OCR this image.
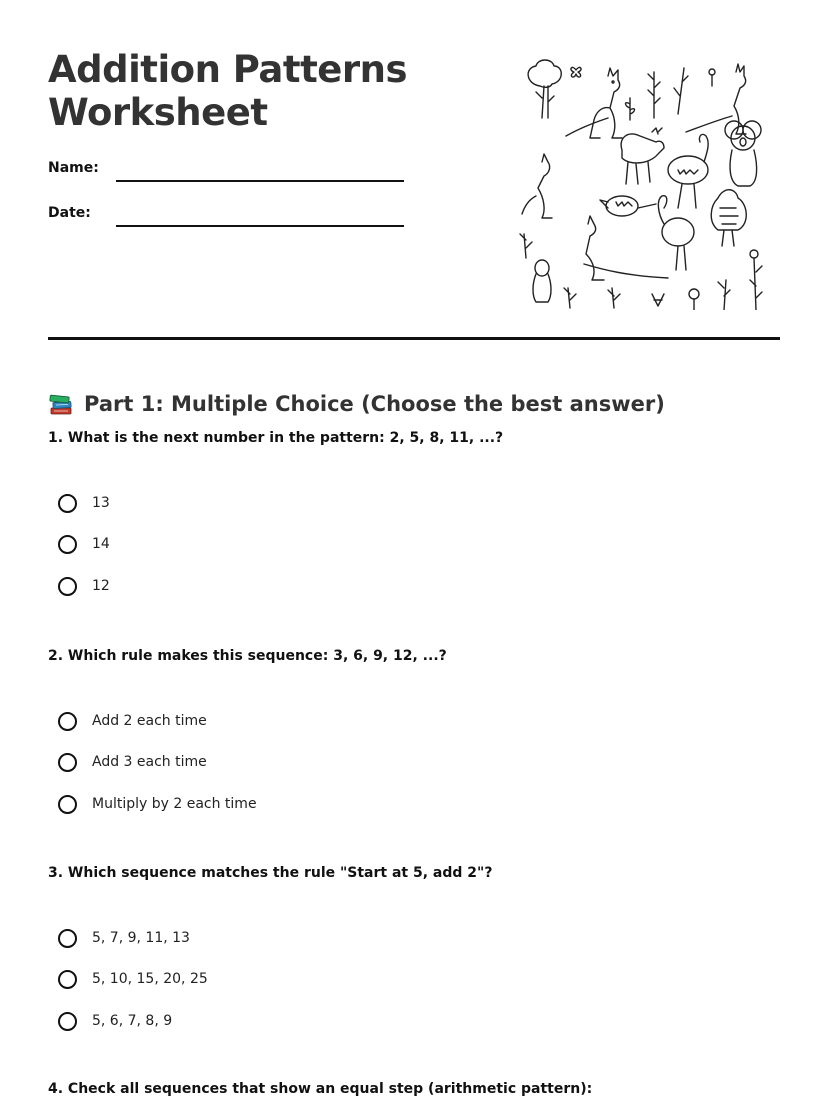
Addition Patterns Worksheet
Name:
Date:
Part 1: Multiple Choice (Choose the best answer)
1. What is the next number in the pattern: 2, 5, 8, 11, ...?
13
14
12
2. Which rule makes this sequence: 3, 6, 9, 12, ...?
Add 2 each time
Add 3 each time
Multiply by 2 each time
3. Which sequence matches the rule "Start at 5, add 2"?
5, 7, 9, 11, 13
5, 10, 15, 20, 25
5, 6, 7, 8, 9
4. Check all sequences that show an equal step (arithmetic pattern):
